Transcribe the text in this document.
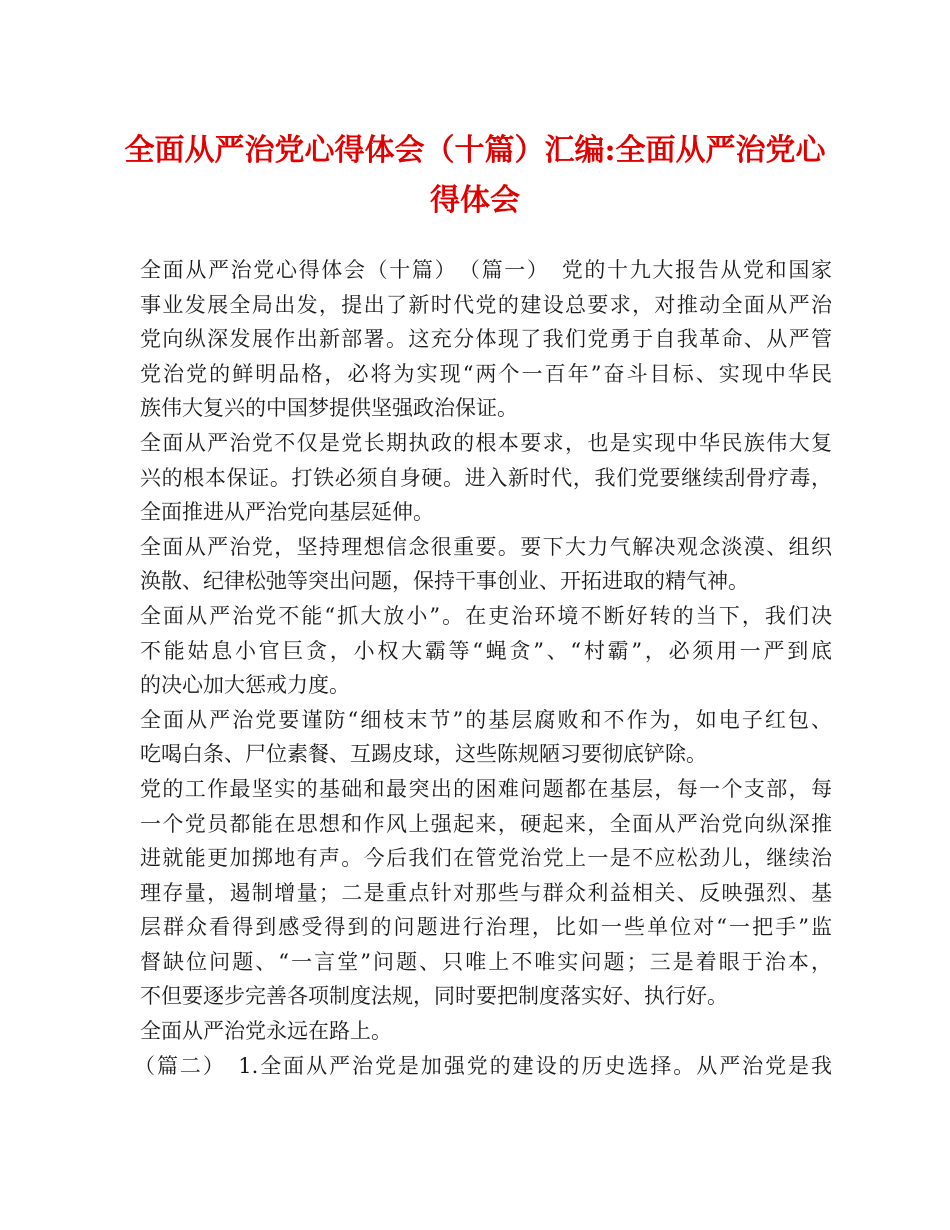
全面从严治党心得体会（十篇）汇编:全面从严治党心
得体会
全面从严治党心得体会（十篇）　（篇一）　党的十九大报告从党和国家
事业发展全局出发，提出了新时代党的建设总要求，对推动全面从严治
党向纵深发展作出新部署。这充分体现了我们党勇于自我革命、从严管
党治党的鲜明品格，必将为实现“两个一百年”奋斗目标、实现中华民
族伟大复兴的中国梦提供坚强政治保证。
全面从严治党不仅是党长期执政的根本要求，也是实现中华民族伟大复
兴的根本保证。打铁必须自身硬。进入新时代，我们党要继续刮骨疗毒，
全面推进从严治党向基层延伸。
全面从严治党，坚持理想信念很重要。要下大力气解决观念淡漠、组织
涣散、纪律松弛等突出问题，保持干事创业、开拓进取的精气神。
全面从严治党不能“抓大放小”。在吏治环境不断好转的当下，我们决
不能姑息小官巨贪，小权大霸等“蝇贪”、“村霸”，必须用一严到底
的决心加大惩戒力度。
全面从严治党要谨防“细枝末节”的基层腐败和不作为，如电子红包、
吃喝白条、尸位素餐、互踢皮球，这些陈规陋习要彻底铲除。
党的工作最坚实的基础和最突出的困难问题都在基层，每一个支部，每
一个党员都能在思想和作风上强起来，硬起来，全面从严治党向纵深推
进就能更加掷地有声。今后我们在管党治党上一是不应松劲儿，继续治
理存量，遏制增量；二是重点针对那些与群众利益相关、反映强烈、基
层群众看得到感受得到的问题进行治理，比如一些单位对“一把手”监
督缺位问题、“一言堂”问题、只唯上不唯实问题；三是着眼于治本，
不但要逐步完善各项制度法规，同时要把制度落实好、执行好。
全面从严治党永远在路上。
（篇二）　1.全面从严治党是加强党的建设的历史选择。从严治党是我
